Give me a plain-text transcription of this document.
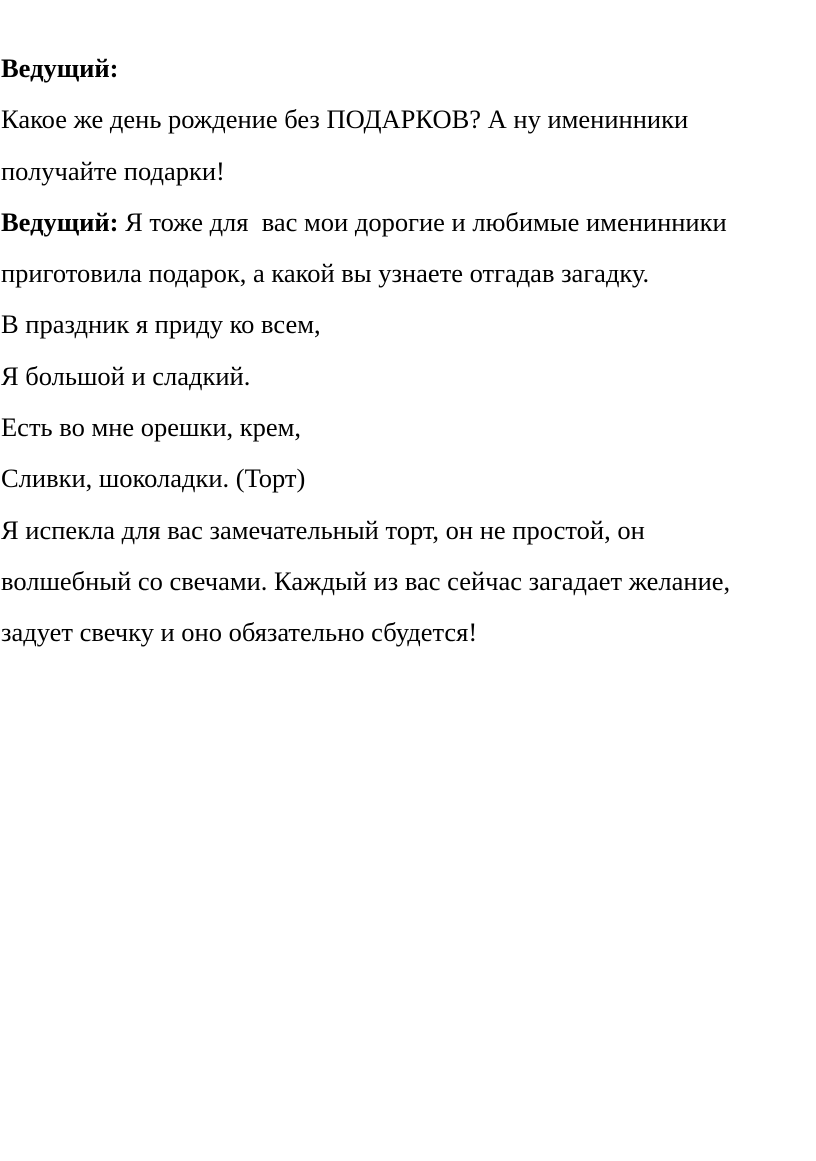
Ведущий:

Какое же день рождение без ПОДАРКОВ? А ну именинники

получайте подарки!

Ведущий: Я тоже для  вас мои дорогие и любимые именинники

приготовила подарок, а какой вы узнаете отгадав загадку.

В праздник я приду ко всем,

Я большой и сладкий.

Есть во мне орешки, крем,

Сливки, шоколадки. (Торт)

Я испекла для вас замечательный торт, он не простой, он

волшебный со свечами. Каждый из вас сейчас загадает желание,

задует свечку и оно обязательно сбудется!
